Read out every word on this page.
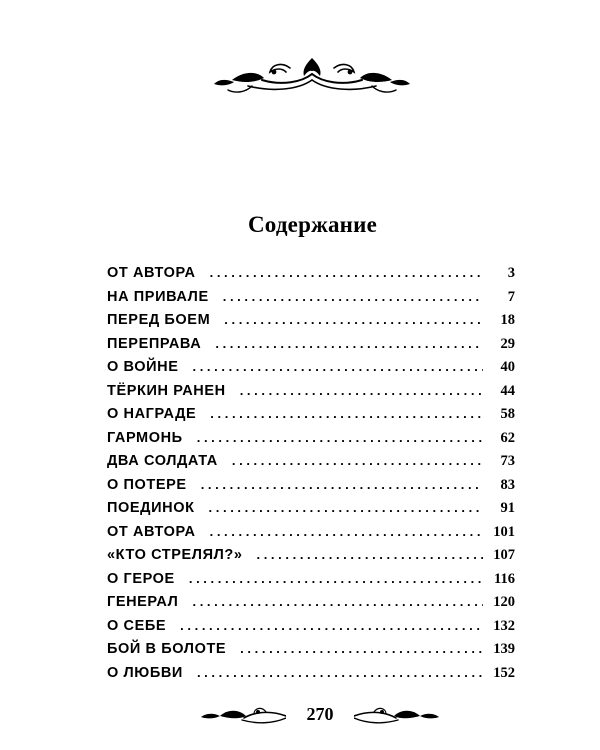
Содержание
ОТ АВТОРА . . .	3
НА ПРИВАЛЕ . . .	7
ПЕРЕД БОЕМ . . .	18
ПЕРЕПРАВА . . .	29
О ВОЙНЕ . . .	40
ТЁРКИН РАНЕН . . .	44
О НАГРАДЕ . . .	58
ГАРМОНЬ . . .	62
ДВА СОЛДАТА . . .	73
О ПОТЕРЕ . . .	83
ПОЕДИНОК . . .	91
ОТ АВТОРА . . .	101
«КТО СТРЕЛЯЛ?» . . .	107
О ГЕРОЕ . . .	116
ГЕНЕРАЛ . . .	120
О СЕБЕ . . .	132
БОЙ В БОЛОТЕ . . .	139
О ЛЮБВИ . . .	152
270
